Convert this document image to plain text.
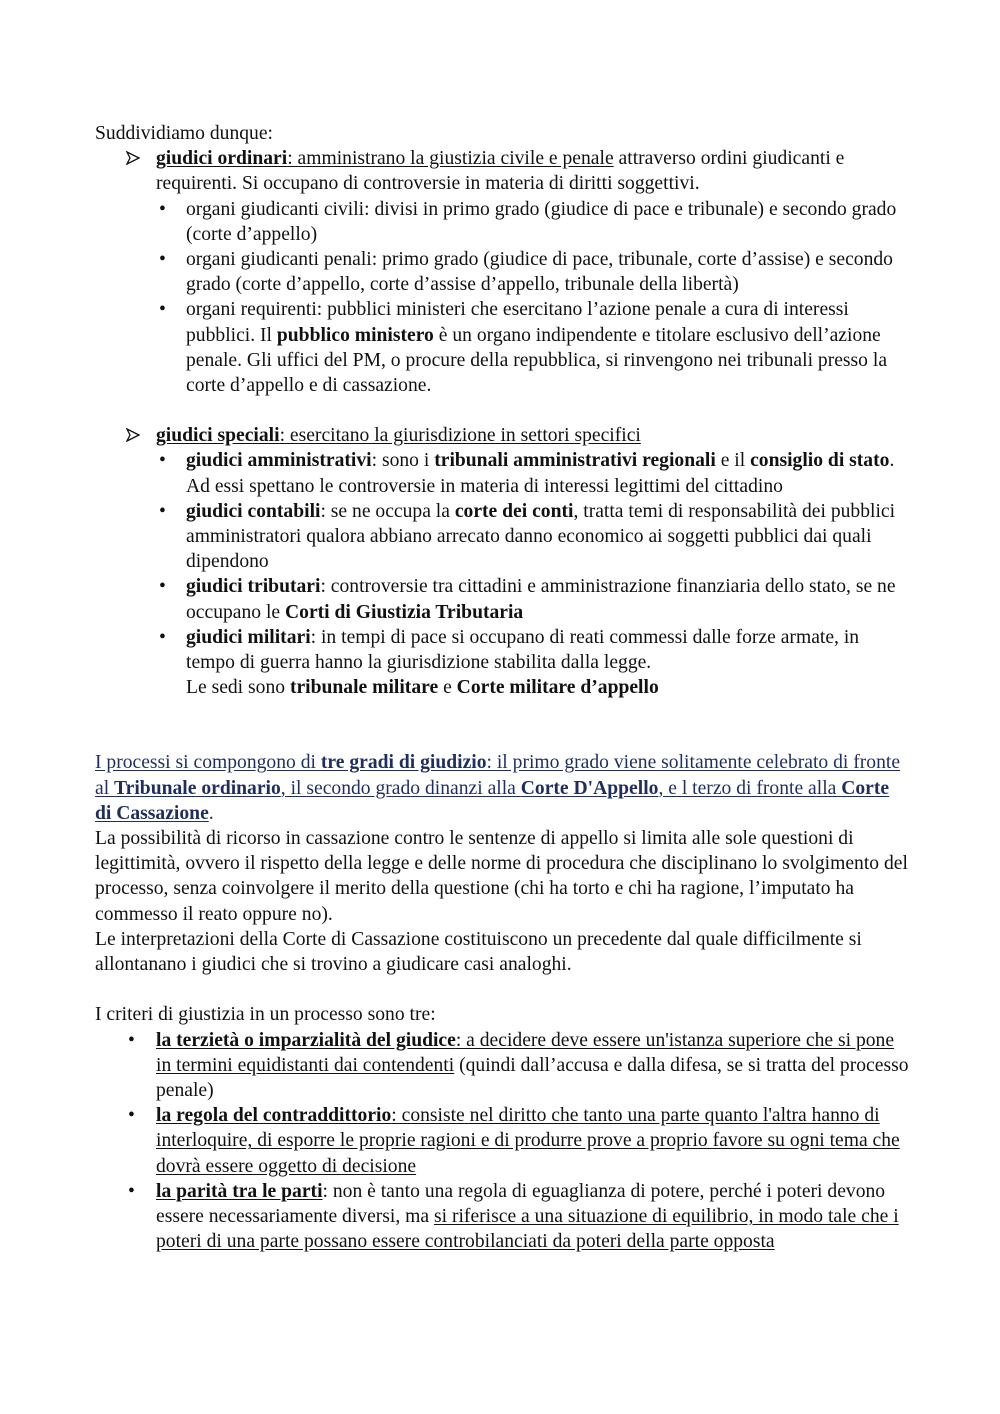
Suddividiamo dunque:

giudici ordinari: amministrano la giustizia civile e penale attraverso ordini giudicanti e requirenti. Si occupano di controversie in materia di diritti soggettivi.
• organi giudicanti civili: divisi in primo grado (giudice di pace e tribunale) e secondo grado (corte d’appello)
• organi giudicanti penali: primo grado (giudice di pace, tribunale, corte d’assise) e secondo grado (corte d’appello, corte d’assise d’appello, tribunale della libertà)
• organi requirenti: pubblici ministeri che esercitano l’azione penale a cura di interessi pubblici. Il pubblico ministero è un organo indipendente e titolare esclusivo dell’azione penale. Gli uffici del PM, o procure della repubblica, si rinvengono nei tribunali presso la corte d’appello e di cassazione.
giudici speciali: esercitano la giurisdizione in settori specifici
• giudici amministrativi: sono i tribunali amministrativi regionali e il consiglio di stato. Ad essi spettano le controversie in materia di interessi legittimi del cittadino
• giudici contabili: se ne occupa la corte dei conti, tratta temi di responsabilità dei pubblici amministratori qualora abbiano arrecato danno economico ai soggetti pubblici dai quali dipendono
• giudici tributari: controversie tra cittadini e amministrazione finanziaria dello stato, se ne occupano le Corti di Giustizia Tributaria
• giudici militari: in tempi di pace si occupano di reati commessi dalle forze armate, in tempo di guerra hanno la giurisdizione stabilita dalla legge.
Le sedi sono tribunale militare e Corte militare d’appello

I processi si compongono di tre gradi di giudizio: il primo grado viene solitamente celebrato di fronte al Tribunale ordinario, il secondo grado dinanzi alla Corte D'Appello, e l terzo di fronte alla Corte di Cassazione.

La possibilità di ricorso in cassazione contro le sentenze di appello si limita alle sole questioni di legittimità, ovvero il rispetto della legge e delle norme di procedura che disciplinano lo svolgimento del processo, senza coinvolgere il merito della questione (chi ha torto e chi ha ragione, l’imputato ha commesso il reato oppure no).

Le interpretazioni della Corte di Cassazione costituiscono un precedente dal quale difficilmente si allontanano i giudici che si trovino a giudicare casi analoghi.

I criteri di giustizia in un processo sono tre:

• la terzietà o imparzialità del giudice: a decidere deve essere un'istanza superiore che si pone in termini equidistanti dai contendenti (quindi dall’accusa e dalla difesa, se si tratta del processo penale)
• la regola del contraddittorio: consiste nel diritto che tanto una parte quanto l'altra hanno di interloquire, di esporre le proprie ragioni e di produrre prove a proprio favore su ogni tema che dovrà essere oggetto di decisione
• la parità tra le parti: non è tanto una regola di eguaglianza di potere, perché i poteri devono essere necessariamente diversi, ma si riferisce a una situazione di equilibrio, in modo tale che i poteri di una parte possano essere controbilanciati da poteri della parte opposta
